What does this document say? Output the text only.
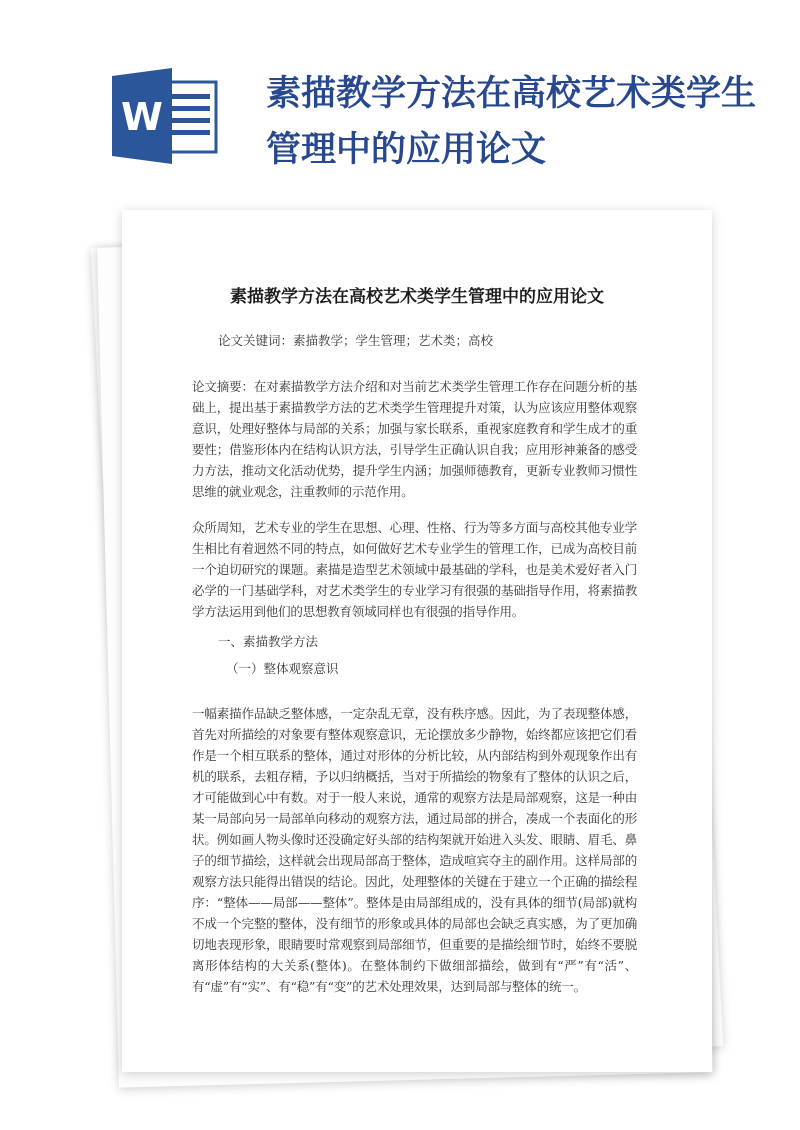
W
素描教学方法在高校艺术类学生管理中的应用论文
素描教学方法在高校艺术类学生管理中的应用论文
论文关键词：素描教学；学生管理；艺术类；高校
论文摘要：在对素描教学方法介绍和对当前艺术类学生管理工作存在问题分析的基础上，提出基于素描教学方法的艺术类学生管理提升对策，认为应该应用整体观察意识，处理好整体与局部的关系；加强与家长联系，重视家庭教育和学生成才的重要性；借鉴形体内在结构认识方法，引导学生正确认识自我；应用形神兼备的感受力方法，推动文化活动优势，提升学生内涵；加强师德教育，更新专业教师习惯性思维的就业观念，注重教师的示范作用。
众所周知，艺术专业的学生在思想、心理、性格、行为等多方面与高校其他专业学生相比有着迥然不同的特点，如何做好艺术专业学生的管理工作，已成为高校目前一个迫切研究的课题。素描是造型艺术领域中最基础的学科，也是美术爱好者入门必学的一门基础学科，对艺术类学生的专业学习有很强的基础指导作用，将素描教学方法运用到他们的思想教育领域同样也有很强的指导作用。
一、素描教学方法
（一）整体观察意识
一幅素描作品缺乏整体感，一定杂乱无章，没有秩序感。因此，为了表现整体感，首先对所描绘的对象要有整体观察意识，无论摆放多少静物，始终都应该把它们看作是一个相互联系的整体，通过对形体的分析比较，从内部结构到外观现象作出有机的联系，去粗存精，予以归纳概括，当对于所描绘的物象有了整体的认识之后，才可能做到心中有数。对于一般人来说，通常的观察方法是局部观察，这是一种由某一局部向另一局部单向移动的观察方法，通过局部的拼合，凑成一个表面化的形状。例如画人物头像时还没确定好头部的结构架就开始进入头发、眼睛、眉毛、鼻子的细节描绘，这样就会出现局部高于整体，造成喧宾夺主的副作用。这样局部的观察方法只能得出错误的结论。因此，处理整体的关键在于建立一个正确的描绘程序：“整体——局部——整体”。整体是由局部组成的，没有具体的细节(局部)就构不成一个完整的整体，没有细节的形象或具体的局部也会缺乏真实感，为了更加确切地表现形象，眼睛要时常观察到局部细节，但重要的是描绘细节时，始终不要脱离形体结构的大关系(整体)。在整体制约下做细部描绘，做到有“严”有“活”、有“虚”有“实”、有“稳”有“变”的艺术处理效果，达到局部与整体的统一。
